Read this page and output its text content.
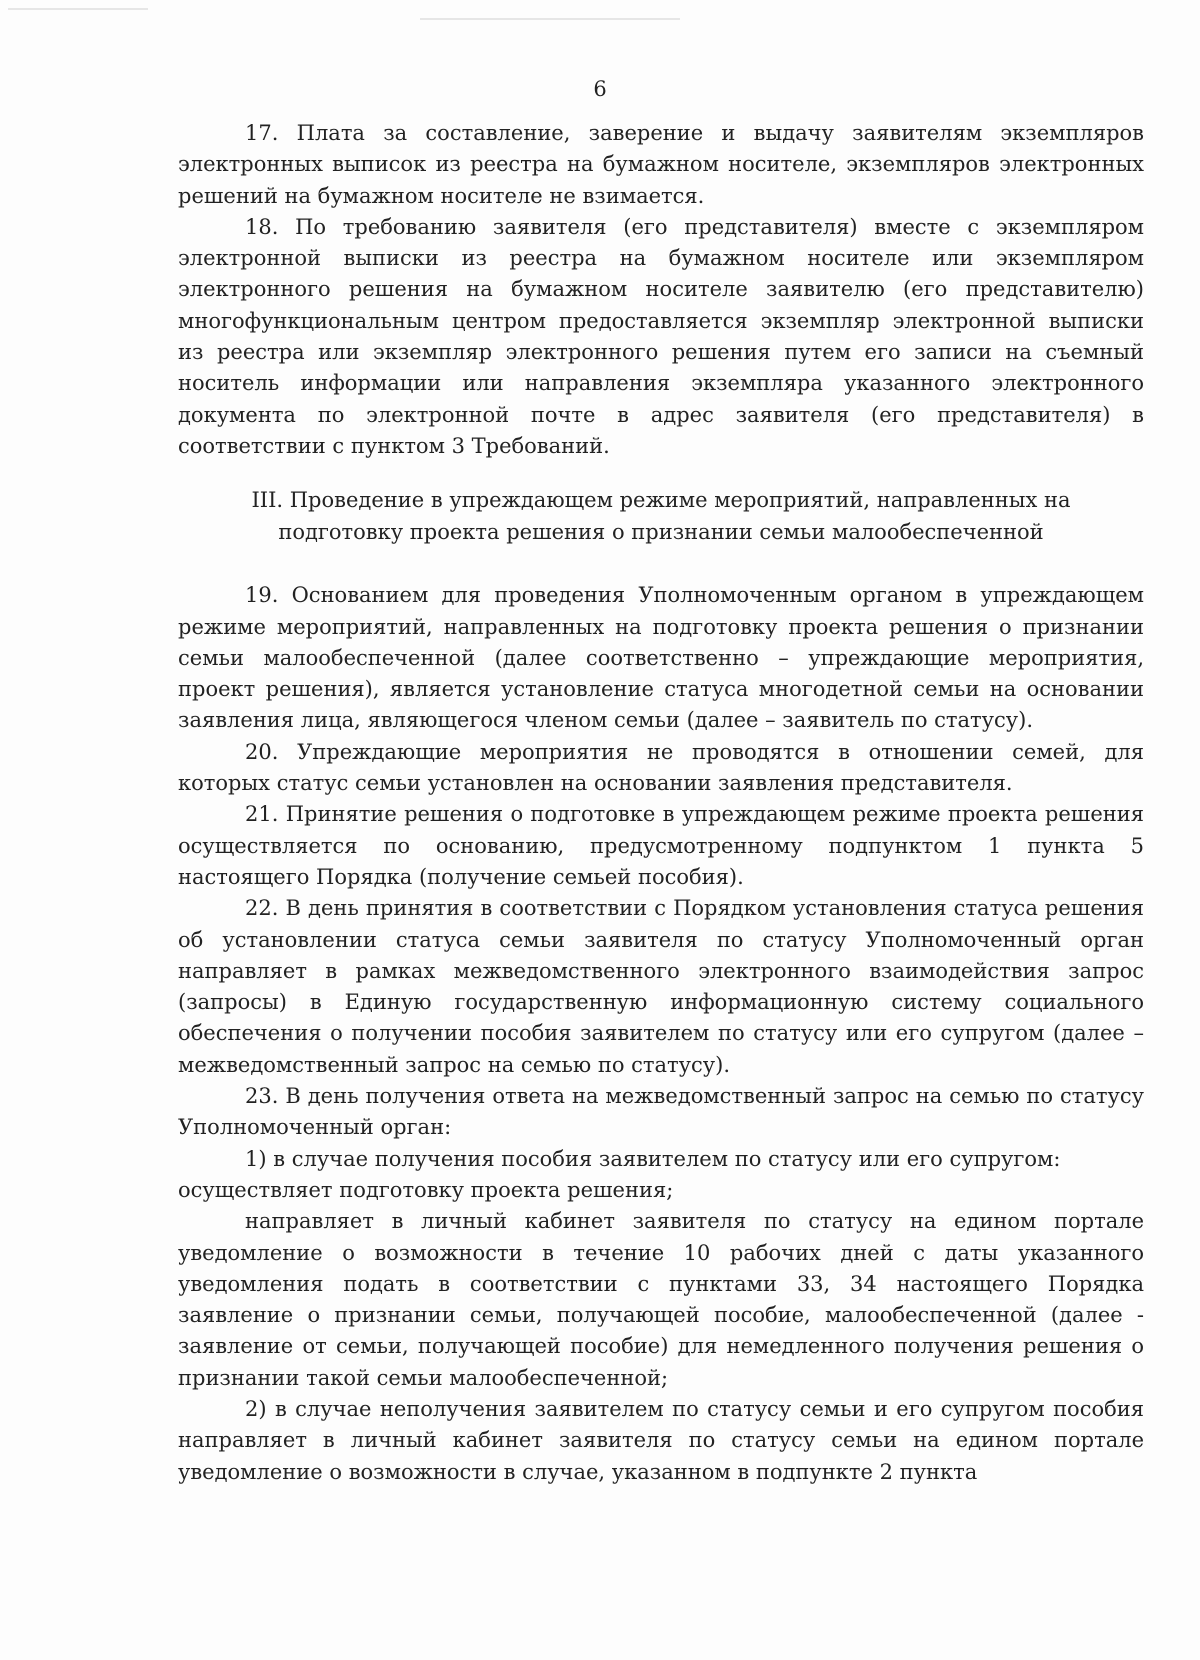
6

17. Плата за составление, заверение и выдачу заявителям экземпляров электронных выписок из реестра на бумажном носителе, экземпляров электронных решений на бумажном носителе не взимается.

18. По требованию заявителя (его представителя) вместе с экземпляром электронной выписки из реестра на бумажном носителе или экземпляром электронного решения на бумажном носителе заявителю (его представителю) многофункциональным центром предоставляется экземпляр электронной выписки из реестра или экземпляр электронного решения путем его записи на съемный носитель информации или направления экземпляра указанного электронного документа по электронной почте в адрес заявителя (его представителя) в соответствии с пунктом 3 Требований.

III. Проведение в упреждающем режиме мероприятий, направленных на
подготовку проекта решения о признании семьи малообеспеченной

19. Основанием для проведения Уполномоченным органом в упреждающем режиме мероприятий, направленных на подготовку проекта решения о признании семьи малообеспеченной (далее соответственно – упреждающие мероприятия, проект решения), является установление статуса многодетной семьи на основании заявления лица, являющегося членом семьи (далее – заявитель по статусу).

20. Упреждающие мероприятия не проводятся в отношении семей, для которых статус семьи установлен на основании заявления представителя.

21. Принятие решения о подготовке в упреждающем режиме проекта решения осуществляется по основанию, предусмотренному подпунктом 1 пункта 5 настоящего Порядка (получение семьей пособия).

22. В день принятия в соответствии с Порядком установления статуса решения об установлении статуса семьи заявителя по статусу Уполномоченный орган направляет в рамках межведомственного электронного взаимодействия запрос (запросы) в Единую государственную информационную систему социального обеспечения о получении пособия заявителем по статусу или его супругом (далее – межведомственный запрос на семью по статусу).

23. В день получения ответа на межведомственный запрос на семью по статусу Уполномоченный орган:

1) в случае получения пособия заявителем по статусу или его супругом:

осуществляет подготовку проекта решения;

направляет в личный кабинет заявителя по статусу на едином портале уведомление о возможности в течение 10 рабочих дней с даты указанного уведомления подать в соответствии с пунктами 33, 34 настоящего Порядка заявление о признании семьи, получающей пособие, малообеспеченной (далее - заявление от семьи, получающей пособие) для немедленного получения решения о признании такой семьи малообеспеченной;

2) в случае неполучения заявителем по статусу семьи и его супругом пособия направляет в личный кабинет заявителя по статусу семьи на едином портале уведомление о возможности в случае, указанном в подпункте 2 пункта
